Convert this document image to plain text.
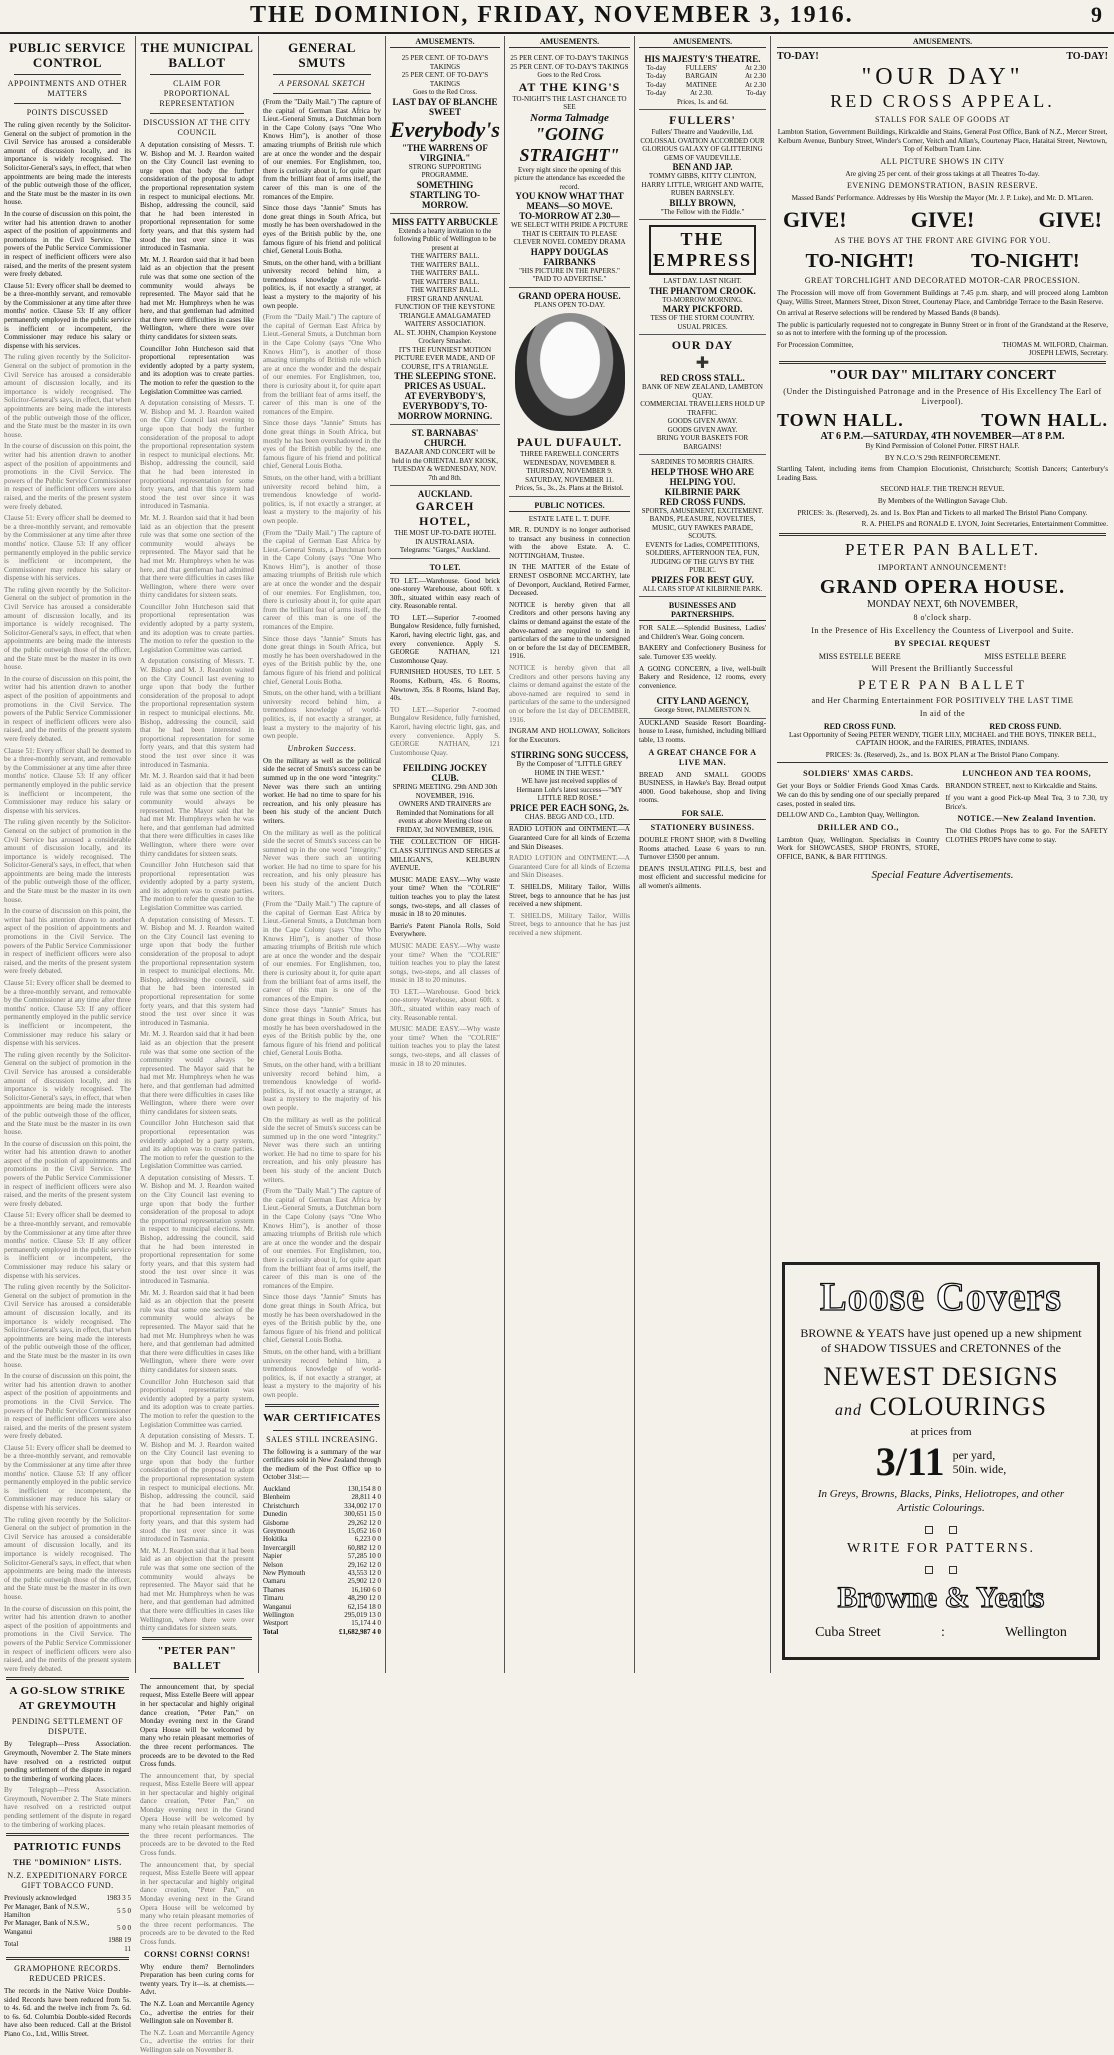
THE DOMINION, FRIDAY, NOVEMBER 3, 1916.	9
PUBLIC SERVICE CONTROL
APPOINTMENTS AND OTHER MATTERS
POINTS DISCUSSED

The ruling given recently by the Solicitor-General on the subject of promotion in the Civil Service has aroused a considerable amount of discussion locally, and its importance is widely recognised. The Solicitor-General's says, in effect, that when appointments are being made the interests of the public outweigh those of the officer, and the State must be the master in its own house.

In the course of discussion on this point, the writer had his attention drawn to another aspect of the position of appointments and promotions in the Civil Service. The powers of the Public Service Commissioner in respect of inefficient officers were also raised, and the merits of the present system were freely debated.

Clause 51: Every officer shall be deemed to be a three-monthly servant, and removable by the Commissioner at any time after three months' notice. Clause 53: If any officer permanently employed in the public service is inefficient or incompetent, the Commissioner may reduce his salary or dispense with his services.

The ruling given recently by the Solicitor-General on the subject of promotion in the Civil Service has aroused a considerable amount of discussion locally, and its importance is widely recognised. The Solicitor-General's says, in effect, that when appointments are being made the interests of the public outweigh those of the officer, and the State must be the master in its own house.

In the course of discussion on this point, the writer had his attention drawn to another aspect of the position of appointments and promotions in the Civil Service. The powers of the Public Service Commissioner in respect of inefficient officers were also raised, and the merits of the present system were freely debated.

Clause 51: Every officer shall be deemed to be a three-monthly servant, and removable by the Commissioner at any time after three months' notice. Clause 53: If any officer permanently employed in the public service is inefficient or incompetent, the Commissioner may reduce his salary or dispense with his services.

The ruling given recently by the Solicitor-General on the subject of promotion in the Civil Service has aroused a considerable amount of discussion locally, and its importance is widely recognised. The Solicitor-General's says, in effect, that when appointments are being made the interests of the public outweigh those of the officer, and the State must be the master in its own house.

In the course of discussion on this point, the writer had his attention drawn to another aspect of the position of appointments and promotions in the Civil Service. The powers of the Public Service Commissioner in respect of inefficient officers were also raised, and the merits of the present system were freely debated.

Clause 51: Every officer shall be deemed to be a three-monthly servant, and removable by the Commissioner at any time after three months' notice. Clause 53: If any officer permanently employed in the public service is inefficient or incompetent, the Commissioner may reduce his salary or dispense with his services.

The ruling given recently by the Solicitor-General on the subject of promotion in the Civil Service has aroused a considerable amount of discussion locally, and its importance is widely recognised. The Solicitor-General's says, in effect, that when appointments are being made the interests of the public outweigh those of the officer, and the State must be the master in its own house.

In the course of discussion on this point, the writer had his attention drawn to another aspect of the position of appointments and promotions in the Civil Service. The powers of the Public Service Commissioner in respect of inefficient officers were also raised, and the merits of the present system were freely debated.

Clause 51: Every officer shall be deemed to be a three-monthly servant, and removable by the Commissioner at any time after three months' notice. Clause 53: If any officer permanently employed in the public service is inefficient or incompetent, the Commissioner may reduce his salary or dispense with his services.

The ruling given recently by the Solicitor-General on the subject of promotion in the Civil Service has aroused a considerable amount of discussion locally, and its importance is widely recognised. The Solicitor-General's says, in effect, that when appointments are being made the interests of the public outweigh those of the officer, and the State must be the master in its own house.

In the course of discussion on this point, the writer had his attention drawn to another aspect of the position of appointments and promotions in the Civil Service. The powers of the Public Service Commissioner in respect of inefficient officers were also raised, and the merits of the present system were freely debated.

Clause 51: Every officer shall be deemed to be a three-monthly servant, and removable by the Commissioner at any time after three months' notice. Clause 53: If any officer permanently employed in the public service is inefficient or incompetent, the Commissioner may reduce his salary or dispense with his services.

The ruling given recently by the Solicitor-General on the subject of promotion in the Civil Service has aroused a considerable amount of discussion locally, and its importance is widely recognised. The Solicitor-General's says, in effect, that when appointments are being made the interests of the public outweigh those of the officer, and the State must be the master in its own house.

In the course of discussion on this point, the writer had his attention drawn to another aspect of the position of appointments and promotions in the Civil Service. The powers of the Public Service Commissioner in respect of inefficient officers were also raised, and the merits of the present system were freely debated.

Clause 51: Every officer shall be deemed to be a three-monthly servant, and removable by the Commissioner at any time after three months' notice. Clause 53: If any officer permanently employed in the public service is inefficient or incompetent, the Commissioner may reduce his salary or dispense with his services.

The ruling given recently by the Solicitor-General on the subject of promotion in the Civil Service has aroused a considerable amount of discussion locally, and its importance is widely recognised. The Solicitor-General's says, in effect, that when appointments are being made the interests of the public outweigh those of the officer, and the State must be the master in its own house.

In the course of discussion on this point, the writer had his attention drawn to another aspect of the position of appointments and promotions in the Civil Service. The powers of the Public Service Commissioner in respect of inefficient officers were also raised, and the merits of the present system were freely debated.

A GO-SLOW STRIKE AT GREYMOUTH
PENDING SETTLEMENT OF DISPUTE.

By Telegraph—Press Association. Greymouth, November 2. The State miners have resolved on a restricted output pending settlement of the dispute in regard to the timbering of working places.

By Telegraph—Press Association. Greymouth, November 2. The State miners have resolved on a restricted output pending settlement of the dispute in regard to the timbering of working places.

PATRIOTIC FUNDS
THE "DOMINION" LISTS.
N.Z. EXPEDITIONARY FORCE GIFT TOBACCO FUND.
Previously acknowledged	1983 3 5
Per Manager, Bank of N.S.W., Hamilton	5 5 0
Per Manager, Bank of N.S.W., Wanganui	5 0 0
Total	1988 19 11
GRAMOPHONE RECORDS. REDUCED PRICES.

The records in the Native Voice Double-sided Records have been reduced from 5s. to 4s. 6d. and the twelve inch from 7s. 6d. to 6s. 6d. Columbia Double-sided Records have also been reduced. Call at the Bristol Piano Co., Ltd., Willis Street.

THE MUNICIPAL BALLOT
CLAIM FOR PROPORTIONAL REPRESENTATION
DISCUSSION AT THE CITY COUNCIL

A deputation consisting of Messrs. T. W. Bishop and M. J. Reardon waited on the City Council last evening to urge upon that body the further consideration of the proposal to adopt the proportional representation system in respect to municipal elections. Mr. Bishop, addressing the council, said that he had been interested in proportional representation for some forty years, and that this system had stood the test over since it was introduced in Tasmania.

Mr. M. J. Reardon said that it had been laid as an objection that the present rule was that some one section of the community would always be represented. The Mayor said that he had met Mr. Humphreys when he was here, and that gentleman had admitted that there were difficulties in cases like Wellington, where there were over thirty candidates for sixteen seats.

Councillor John Hutcheson said that proportional representation was evidently adopted by a party system, and its adoption was to create parties. The motion to refer the question to the Legislation Committee was carried.

A deputation consisting of Messrs. T. W. Bishop and M. J. Reardon waited on the City Council last evening to urge upon that body the further consideration of the proposal to adopt the proportional representation system in respect to municipal elections. Mr. Bishop, addressing the council, said that he had been interested in proportional representation for some forty years, and that this system had stood the test over since it was introduced in Tasmania.

Mr. M. J. Reardon said that it had been laid as an objection that the present rule was that some one section of the community would always be represented. The Mayor said that he had met Mr. Humphreys when he was here, and that gentleman had admitted that there were difficulties in cases like Wellington, where there were over thirty candidates for sixteen seats.

Councillor John Hutcheson said that proportional representation was evidently adopted by a party system, and its adoption was to create parties. The motion to refer the question to the Legislation Committee was carried.

A deputation consisting of Messrs. T. W. Bishop and M. J. Reardon waited on the City Council last evening to urge upon that body the further consideration of the proposal to adopt the proportional representation system in respect to municipal elections. Mr. Bishop, addressing the council, said that he had been interested in proportional representation for some forty years, and that this system had stood the test over since it was introduced in Tasmania.

Mr. M. J. Reardon said that it had been laid as an objection that the present rule was that some one section of the community would always be represented. The Mayor said that he had met Mr. Humphreys when he was here, and that gentleman had admitted that there were difficulties in cases like Wellington, where there were over thirty candidates for sixteen seats.

Councillor John Hutcheson said that proportional representation was evidently adopted by a party system, and its adoption was to create parties. The motion to refer the question to the Legislation Committee was carried.

A deputation consisting of Messrs. T. W. Bishop and M. J. Reardon waited on the City Council last evening to urge upon that body the further consideration of the proposal to adopt the proportional representation system in respect to municipal elections. Mr. Bishop, addressing the council, said that he had been interested in proportional representation for some forty years, and that this system had stood the test over since it was introduced in Tasmania.

Mr. M. J. Reardon said that it had been laid as an objection that the present rule was that some one section of the community would always be represented. The Mayor said that he had met Mr. Humphreys when he was here, and that gentleman had admitted that there were difficulties in cases like Wellington, where there were over thirty candidates for sixteen seats.

Councillor John Hutcheson said that proportional representation was evidently adopted by a party system, and its adoption was to create parties. The motion to refer the question to the Legislation Committee was carried.

A deputation consisting of Messrs. T. W. Bishop and M. J. Reardon waited on the City Council last evening to urge upon that body the further consideration of the proposal to adopt the proportional representation system in respect to municipal elections. Mr. Bishop, addressing the council, said that he had been interested in proportional representation for some forty years, and that this system had stood the test over since it was introduced in Tasmania.

Mr. M. J. Reardon said that it had been laid as an objection that the present rule was that some one section of the community would always be represented. The Mayor said that he had met Mr. Humphreys when he was here, and that gentleman had admitted that there were difficulties in cases like Wellington, where there were over thirty candidates for sixteen seats.

Councillor John Hutcheson said that proportional representation was evidently adopted by a party system, and its adoption was to create parties. The motion to refer the question to the Legislation Committee was carried.

A deputation consisting of Messrs. T. W. Bishop and M. J. Reardon waited on the City Council last evening to urge upon that body the further consideration of the proposal to adopt the proportional representation system in respect to municipal elections. Mr. Bishop, addressing the council, said that he had been interested in proportional representation for some forty years, and that this system had stood the test over since it was introduced in Tasmania.

Mr. M. J. Reardon said that it had been laid as an objection that the present rule was that some one section of the community would always be represented. The Mayor said that he had met Mr. Humphreys when he was here, and that gentleman had admitted that there were difficulties in cases like Wellington, where there were over thirty candidates for sixteen seats.

"PETER PAN" BALLET

The announcement that, by special request, Miss Estelle Beere will appear in her spectacular and highly original dance creation, "Peter Pan," on Monday evening next in the Grand Opera House will be welcomed by many who retain pleasant memories of the three recent performances. The proceeds are to be devoted to the Red Cross funds.

The announcement that, by special request, Miss Estelle Beere will appear in her spectacular and highly original dance creation, "Peter Pan," on Monday evening next in the Grand Opera House will be welcomed by many who retain pleasant memories of the three recent performances. The proceeds are to be devoted to the Red Cross funds.

The announcement that, by special request, Miss Estelle Beere will appear in her spectacular and highly original dance creation, "Peter Pan," on Monday evening next in the Grand Opera House will be welcomed by many who retain pleasant memories of the three recent performances. The proceeds are to be devoted to the Red Cross funds.

CORNS! CORNS! CORNS!

Why endure them? Bernolinders Preparation has been curing corns for twenty years. Try it—is. at chemists.—Advt.

The N.Z. Loan and Mercantile Agency Co., advertise the entries for their Wellington sale on November 8.

The N.Z. Loan and Mercantile Agency Co., advertise the entries for their Wellington sale on November 8.

GENERAL SMUTS
A PERSONAL SKETCH

(From the "Daily Mail.") The capture of the capital of German East Africa by Lieut.-General Smuts, a Dutchman born in the Cape Colony (says "One Who Knows Him"), is another of those amazing triumphs of British rule which are at once the wonder and the despair of our enemies. For Englishmen, too, there is curiosity about it, for quite apart from the brilliant feat of arms itself, the career of this man is one of the romances of the Empire.

Since those days "Jannie" Smuts has done great things in South Africa, but mostly he has been overshadowed in the eyes of the British public by the, one famous figure of his friend and political chief, General Louis Botha.

Smuts, on the other hand, with a brilliant university record behind him, a tremendous knowledge of world-politics, is, if not exactly a stranger, at least a mystery to the majority of his own people.

(From the "Daily Mail.") The capture of the capital of German East Africa by Lieut.-General Smuts, a Dutchman born in the Cape Colony (says "One Who Knows Him"), is another of those amazing triumphs of British rule which are at once the wonder and the despair of our enemies. For Englishmen, too, there is curiosity about it, for quite apart from the brilliant feat of arms itself, the career of this man is one of the romances of the Empire.

Since those days "Jannie" Smuts has done great things in South Africa, but mostly he has been overshadowed in the eyes of the British public by the, one famous figure of his friend and political chief, General Louis Botha.

Smuts, on the other hand, with a brilliant university record behind him, a tremendous knowledge of world-politics, is, if not exactly a stranger, at least a mystery to the majority of his own people.

(From the "Daily Mail.") The capture of the capital of German East Africa by Lieut.-General Smuts, a Dutchman born in the Cape Colony (says "One Who Knows Him"), is another of those amazing triumphs of British rule which are at once the wonder and the despair of our enemies. For Englishmen, too, there is curiosity about it, for quite apart from the brilliant feat of arms itself, the career of this man is one of the romances of the Empire.

Since those days "Jannie" Smuts has done great things in South Africa, but mostly he has been overshadowed in the eyes of the British public by the, one famous figure of his friend and political chief, General Louis Botha.

Smuts, on the other hand, with a brilliant university record behind him, a tremendous knowledge of world-politics, is, if not exactly a stranger, at least a mystery to the majority of his own people.

Unbroken Success.

On the military as well as the political side the secret of Smuts's success can be summed up in the one word "integrity." Never was there such an untiring worker. He had no time to spare for his recreation, and his only pleasure has been his study of the ancient Dutch writers.

On the military as well as the political side the secret of Smuts's success can be summed up in the one word "integrity." Never was there such an untiring worker. He had no time to spare for his recreation, and his only pleasure has been his study of the ancient Dutch writers.

(From the "Daily Mail.") The capture of the capital of German East Africa by Lieut.-General Smuts, a Dutchman born in the Cape Colony (says "One Who Knows Him"), is another of those amazing triumphs of British rule which are at once the wonder and the despair of our enemies. For Englishmen, too, there is curiosity about it, for quite apart from the brilliant feat of arms itself, the career of this man is one of the romances of the Empire.

Since those days "Jannie" Smuts has done great things in South Africa, but mostly he has been overshadowed in the eyes of the British public by the, one famous figure of his friend and political chief, General Louis Botha.

Smuts, on the other hand, with a brilliant university record behind him, a tremendous knowledge of world-politics, is, if not exactly a stranger, at least a mystery to the majority of his own people.

On the military as well as the political side the secret of Smuts's success can be summed up in the one word "integrity." Never was there such an untiring worker. He had no time to spare for his recreation, and his only pleasure has been his study of the ancient Dutch writers.

(From the "Daily Mail.") The capture of the capital of German East Africa by Lieut.-General Smuts, a Dutchman born in the Cape Colony (says "One Who Knows Him"), is another of those amazing triumphs of British rule which are at once the wonder and the despair of our enemies. For Englishmen, too, there is curiosity about it, for quite apart from the brilliant feat of arms itself, the career of this man is one of the romances of the Empire.

Since those days "Jannie" Smuts has done great things in South Africa, but mostly he has been overshadowed in the eyes of the British public by the, one famous figure of his friend and political chief, General Louis Botha.

Smuts, on the other hand, with a brilliant university record behind him, a tremendous knowledge of world-politics, is, if not exactly a stranger, at least a mystery to the majority of his own people.

WAR CERTIFICATES
SALES STILL INCREASING.

The following is a summary of the war certificates sold in New Zealand through the medium of the Post Office up to October 31st:—

Auckland	130,154 8 0
Blenheim	28,811 4 0
Christchurch	334,002 17 0
Dunedin	300,651 15 0
Gisborne	29,262 12 0
Greymouth	15,052 16 0
Hokitika	6,223 0 0
Invercargill	60,882 12 0
Napier	57,285 10 0
Nelson	29,162 12 0
New Plymouth	43,553 12 0
Oamaru	25,902 12 0
Thames	16,160 6 0
Timaru	48,290 12 0
Wanganui	62,154 18 0
Wellington	295,019 13 0
Westport	15,174 4 0
Total	£1,682,987 4 0
AMUSEMENTS.
25 PER CENT. OF TO-DAY'S TAKINGS
25 PER CENT. OF TO-DAY'S TAKINGS
Goes to the Red Cross.
LAST DAY OF BLANCHE SWEET
Everybody's
"THE WARRENS OF VIRGINIA."
STRONG SUPPORTING PROGRAMME.
SOMETHING STARTLING TO-MORROW.
MISS FATTY ARBUCKLE
Extends a hearty invitation to the following Public of Wellington to be present at
THE WAITERS' BALL.
THE WAITERS' BALL.
THE WAITERS' BALL.
THE WAITERS' BALL.
THE WAITERS' BALL.
FIRST GRAND ANNUAL FUNCTION OF THE KEYSTONE TRIANGLE AMALGAMATED WAITERS' ASSOCIATION.
AL. ST. JOHN, Champion Keystone Crockery Smasher.
IT'S THE FUNNIEST MOTION PICTURE EVER MADE, AND OF COURSE, IT'S A TRIANGLE.
THE SLEEPING STONE.
PRICES AS USUAL.
AT EVERYBODY'S, EVERYBODY'S, TO-MORROW MORNING.
ST. BARNABAS' CHURCH.
BAZAAR AND CONCERT will be held in the ORIENTAL BAY KIOSK, TUESDAY & WEDNESDAY, NOV. 7th and 8th.
AUCKLAND.
GARCEH HOTEL,
THE MOST UP-TO-DATE HOTEL IN AUSTRALASIA.
Telegrams: "Garges," Auckland.
TO LET.

TO LET.—Warehouse. Good brick one-storey Warehouse, about 60ft. x 30ft., situated within easy reach of city. Reasonable rental.

TO LET.—Superior 7-roomed Bungalow Residence, fully furnished, Karori, having electric light, gas, and every convenience. Apply S. GEORGE NATHAN, 121 Customhouse Quay.

FURNISHED HOUSES, TO LET. 5 Rooms, Kelburn, 45s. 6 Rooms, Newtown, 35s. 8 Rooms, Island Bay, 40s.

TO LET.—Superior 7-roomed Bungalow Residence, fully furnished, Karori, having electric light, gas, and every convenience. Apply S. GEORGE NATHAN, 121 Customhouse Quay.

FEILDING JOCKEY CLUB.
SPRING MEETING. 29th AND 30th NOVEMBER, 1916.
OWNERS AND TRAINERS are Reminded that Nominations for all events at above Meeting close on FRIDAY, 3rd NOVEMBER, 1916.

THE COLLECTION OF HIGH-CLASS SUITINGS AND SERGES at MILLIGAN'S, KELBURN AVENUE.

MUSIC MADE EASY.—Why waste your time? When the "COLRIE" tuition teaches you to play the latest songs, two-steps, and all classes of music in 18 to 20 minutes.

Barrie's Patent Pianola Rolls, Sold Everywhere.

MUSIC MADE EASY.—Why waste your time? When the "COLRIE" tuition teaches you to play the latest songs, two-steps, and all classes of music in 18 to 20 minutes.

TO LET.—Warehouse. Good brick one-storey Warehouse, about 60ft. x 30ft., situated within easy reach of city. Reasonable rental.

MUSIC MADE EASY.—Why waste your time? When the "COLRIE" tuition teaches you to play the latest songs, two-steps, and all classes of music in 18 to 20 minutes.

AMUSEMENTS.
25 PER CENT. OF TO-DAY'S TAKINGS
25 PER CENT. OF TO-DAY'S TAKINGS
Goes to the Red Cross.
AT THE KING'S
TO-NIGHT'S THE LAST CHANCE TO SEE
Norma Talmadge
"GOING STRAIGHT"
Every night since the opening of this picture the attendance has exceeded the record.
YOU KNOW WHAT THAT MEANS—SO MOVE.
TO-MORROW AT 2.30—
WE SELECT WITH PRIDE A PICTURE THAT IS CERTAIN TO PLEASE
CLEVER NOVEL COMEDY DRAMA
HAPPY DOUGLAS FAIRBANKS
"HIS PICTURE IN THE PAPERS."
"PAID TO ADVERTISE."
GRAND OPERA HOUSE.
PLANS OPEN TO-DAY.
PAUL DUFAULT.
THREE FAREWELL CONCERTS
WEDNESDAY, NOVEMBER 8. THURSDAY, NOVEMBER 9. SATURDAY, NOVEMBER 11.
Prices, 5s., 3s., 2s. Plans at the Bristol.
PUBLIC NOTICES.

ESTATE LATE L. T. DUFF.

MR. R. DUNDY is no longer authorised to transact any business in connection with the above Estate. A. C. NOTTINGHAM, Trustee.

IN THE MATTER of the Estate of ERNEST OSBORNE MCCARTHY, late of Devonport, Auckland, Retired Farmer, Deceased.

NOTICE is hereby given that all Creditors and other persons having any claims or demand against the estate of the above-named are required to send in particulars of the same to the undersigned on or before the 1st day of DECEMBER, 1916.

NOTICE is hereby given that all Creditors and other persons having any claims or demand against the estate of the above-named are required to send in particulars of the same to the undersigned on or before the 1st day of DECEMBER, 1916.

INGRAM AND HOLLOWAY, Solicitors for the Executors.

STIRRING SONG SUCCESS,
By the Composer of "LITTLE GREY HOME IN THE WEST."
WE have just received supplies of Hermann Lohr's latest success—"MY LITTLE RED ROSE."
PRICE PER EACH SONG, 2s.
CHAS. BEGG AND CO., LTD.

RADIO LOTION and OINTMENT.—A Guaranteed Cure for all kinds of Eczema and Skin Diseases.

RADIO LOTION and OINTMENT.—A Guaranteed Cure for all kinds of Eczema and Skin Diseases.

T. SHIELDS, Military Tailor, Willis Street, begs to announce that he has just received a new shipment.

T. SHIELDS, Military Tailor, Willis Street, begs to announce that he has just received a new shipment.

AMUSEMENTS.
HIS MAJESTY'S THEATRE.
To-day	FULLERS'	At 2.30
To-day	BARGAIN	At 2.30
To-day	MATINEE	At 2.30
To-day	At 2.30.	To-day
Prices, 1s. and 6d.
FULLERS'
Fullers' Theatre and Vaudeville, Ltd.
COLOSSAL OVATION ACCORDED OUR GLORIOUS GALAXY OF GLITTERING GEMS OF VAUDEVILLE.
BEN AND JAP.
TOMMY GIBBS, KITTY CLINTON, HARRY LITTLE, WRIGHT AND WAITE, RUBEN BARNSLEY.
BILLY BROWN,
"The Fellow with the Fiddle."
THE EMPRESS
LAST DAY. LAST NIGHT.
THE PHANTOM CROOK.
TO-MORROW MORNING.
MARY PICKFORD.
TESS OF THE STORM COUNTRY.
USUAL PRICES.
OUR DAY
✚
RED CROSS STALL.
BANK OF NEW ZEALAND, LAMBTON QUAY.
COMMERCIAL TRAVELLERS HOLD UP TRAFFIC.
GOODS GIVEN AWAY.
GOODS GIVEN AWAY.
BRING YOUR BASKETS FOR BARGAINS!
SARDINES TO MORRIS CHAIRS.
HELP THOSE WHO ARE HELPING YOU.
KILBIRNIE PARK
RED CROSS FUNDS.
SPORTS, AMUSEMENT, EXCITEMENT. BANDS, PLEASURE, NOVELTIES, MUSIC, GUY FAWKES PARADE, SCOUTS.
EVENTS for Ladies, COMPETITIONS, SOLDIERS, AFTERNOON TEA, FUN, JUDGING OF THE GUYS BY THE PUBLIC.
PRIZES FOR BEST GUY.
ALL CARS STOP AT KILBIRNIE PARK.
BUSINESSES AND PARTNERSHIPS.

FOR SALE.—Splendid Business, Ladies' and Children's Wear. Going concern.

BAKERY and Confectionery Business for sale. Turnover £35 weekly.

A GOING CONCERN, a live, well-built Bakery and Residence, 12 rooms, every convenience.

CITY LAND AGENCY,
George Street, PALMERSTON N.

AUCKLAND Seaside Resort Boarding-house to Lease, furnished, including billiard table, 13 rooms.

A GREAT CHANCE FOR A LIVE MAN.

BREAD AND SMALL GOODS BUSINESS, in Hawke's Bay. Bread output 4000. Good bakehouse, shop and living rooms.

FOR SALE.
STATIONERY BUSINESS.

DOUBLE FRONT SHOP, with 8 Dwelling Rooms attached. Lease 6 years to run. Turnover £3500 per annum.

DEAN'S INSULATING PILLS, best and most efficient and successful medicine for all women's ailments.

AMUSEMENTS.
TO-DAY!	TO-DAY!
"OUR DAY"
RED CROSS APPEAL.
STALLS FOR SALE OF GOODS AT

Lambton Station, Government Buildings, Kirkcaldie and Stains, General Post Office, Bank of N.Z., Mercer Street, Kelburn Avenue, Bunbury Street, Winder's Corner, Veitch and Allan's, Courtenay Place, Hataitai Street, Newtown, Top of Kelburn Tram Line.

ALL PICTURE SHOWS IN CITY

Are giving 25 per cent. of their gross takings at all Theatres To-day.

EVENING DEMONSTRATION, BASIN RESERVE.

Massed Bands' Performance. Addresses by His Worship the Mayor (Mr. J. P. Luke), and Mr. D. M'Laren.

GIVE!	GIVE!	GIVE!
AS THE BOYS AT THE FRONT ARE GIVING FOR YOU.
TO-NIGHT!	TO-NIGHT!
GREAT TORCHLIGHT AND DECORATED MOTOR-CAR PROCESSION.

The Procession will move off from Government Buildings at 7.45 p.m. sharp, and will proceed along Lambton Quay, Willis Street, Manners Street, Dixon Street, Courtenay Place, and Cambridge Terrace to the Basin Reserve.

On arrival at Reserve selections will be rendered by Massed Bands (8 bands).

The public is particularly requested not to congregate in Bunny Street or in front of the Grandstand at the Reserve, so as not to interfere with the forming up of the procession.

For Procession Committee,	THOMAS M. WILFORD, Chairman.
JOSEPH LEWIS, Secretary.
"OUR DAY" MILITARY CONCERT
(Under the Distinguished Patronage and in the Presence of His Excellency The Earl of Liverpool).
TOWN HALL.	TOWN HALL.
AT 6 P.M.—SATURDAY, 4TH NOVEMBER—AT 8 P.M.

By Kind Permission of Colonel Potter. FIRST HALF.

BY N.C.O.'S 29th REINFORCEMENT.

Startling Talent, including items from Champion Elocutionist, Christchurch; Scottish Dancers; Canterbury's Leading Bass.

SECOND HALF. THE TRENCH REVUE.

By Members of the Wellington Savage Club.

PRICES: 3s. (Reserved), 2s. and 1s. Box Plan and Tickets to all marked The Bristol Piano Company.

R. A. PHELPS and RONALD E. LYON, Joint Secretaries, Entertainment Committee.

PETER PAN BALLET.
IMPORTANT ANNOUNCEMENT!
GRAND OPERA HOUSE.
MONDAY NEXT, 6th NOVEMBER,
8 o'clock sharp.
In the Presence of His Excellency the Countess of Liverpool and Suite.
BY SPECIAL REQUEST
MISS ESTELLE BEERE	MISS ESTELLE BEERE
Will Present the Brilliantly Successful
PETER PAN BALLET
and Her Charming Entertainment FOR POSITIVELY THE LAST TIME
In aid of the
RED CROSS FUND.	RED CROSS FUND.

Last Opportunity of Seeing PETER WENDY, TIGER LILY, MICHAEL and THE BOYS, TINKER BELL, CAPTAIN HOOK, and the FAIRIES, PIRATES, INDIANS.

PRICES: 3s. (Reserved), 2s., and 1s. BOX PLAN at The Bristol Piano Company.

SOLDIERS' XMAS CARDS.

Get your Boys or Soldier Friends Good Xmas Cards. We can do this by sending one of our specially prepared cases, posted in sealed tins.

DELLOW AND Co., Lambton Quay, Wellington.

DRILLER AND CO.,

Lambton Quay, Wellington. Specialists in Country Work for SHOWCASES, SHOP FRONTS, STORE, OFFICE, BANK, & BAR FITTINGS.

LUNCHEON AND TEA ROOMS,

BRANDON STREET, next to Kirkcaldie and Stains.

If you want a good Pick-up Meal Tea, 3 to 7.30, try Brice's.

NOTICE.—New Zealand Invention.

The Old Clothes Props has to go. For the SAFETY CLOTHES PROPS have come to stay.

Special Feature Advertisements.
Loose Covers
BROWNE & YEATS have just opened up a new shipment of SHADOW TISSUES and CRETONNES of the
NEWEST DESIGNS
and COLOURINGS
at prices from
3/11 per yard,
50in. wide,
In Greys, Browns, Blacks, Pinks, Heliotropes, and other Artistic Colourings.
WRITE FOR PATTERNS.
Browne & Yeats
Cuba Street	:	Wellington
